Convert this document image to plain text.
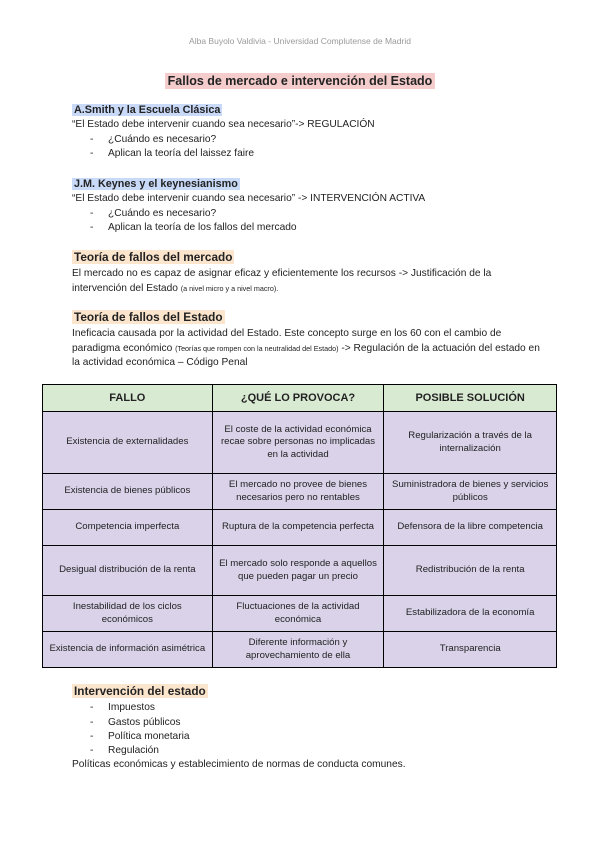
Alba Buyolo Valdivia - Universidad Complutense de Madrid
Fallos de mercado e intervención del Estado
A.Smith y la Escuela Clásica
“El Estado debe intervenir cuando sea necesario”-> REGULACIÓN
- ¿Cuándo es necesario?
- Aplican la teoría del laissez faire
J.M. Keynes y el keynesianismo
“El Estado debe intervenir cuando sea necesario” -> INTERVENCIÓN ACTIVA
- ¿Cuándo es necesario?
- Aplican la teoría de los fallos del mercado
Teoría de fallos del mercado
El mercado no es capaz de asignar eficaz y eficientemente los recursos -> Justificación de la intervención del Estado (a nivel micro y a nivel macro).
Teoría de fallos del Estado
Ineficacia causada por la actividad del Estado. Este concepto surge en los 60 con el cambio de paradigma económico (Teorías que rompen con la neutralidad del Estado) -> Regulación de la actuación del estado en la actividad económica – Código Penal
FALLO	¿QUÉ LO PROVOCA?	POSIBLE SOLUCIÓN
Existencia de externalidades	El coste de la actividad económica recae sobre personas no implicadas en la actividad	Regularización a través de la internalización
Existencia de bienes públicos	El mercado no provee de bienes necesarios pero no rentables	Suministradora de bienes y servicios públicos
Competencia imperfecta	Ruptura de la competencia perfecta	Defensora de la libre competencia
Desigual distribución de la renta	El mercado solo responde a aquellos que pueden pagar un precio	Redistribución de la renta
Inestabilidad de los ciclos económicos	Fluctuaciones de la actividad económica	Estabilizadora de la economía
Existencia de información asimétrica	Diferente información y aprovechamiento de ella	Transparencia
Intervención del estado
- Impuestos
- Gastos públicos
- Política monetaria
- Regulación
Políticas económicas y establecimiento de normas de conducta comunes.
